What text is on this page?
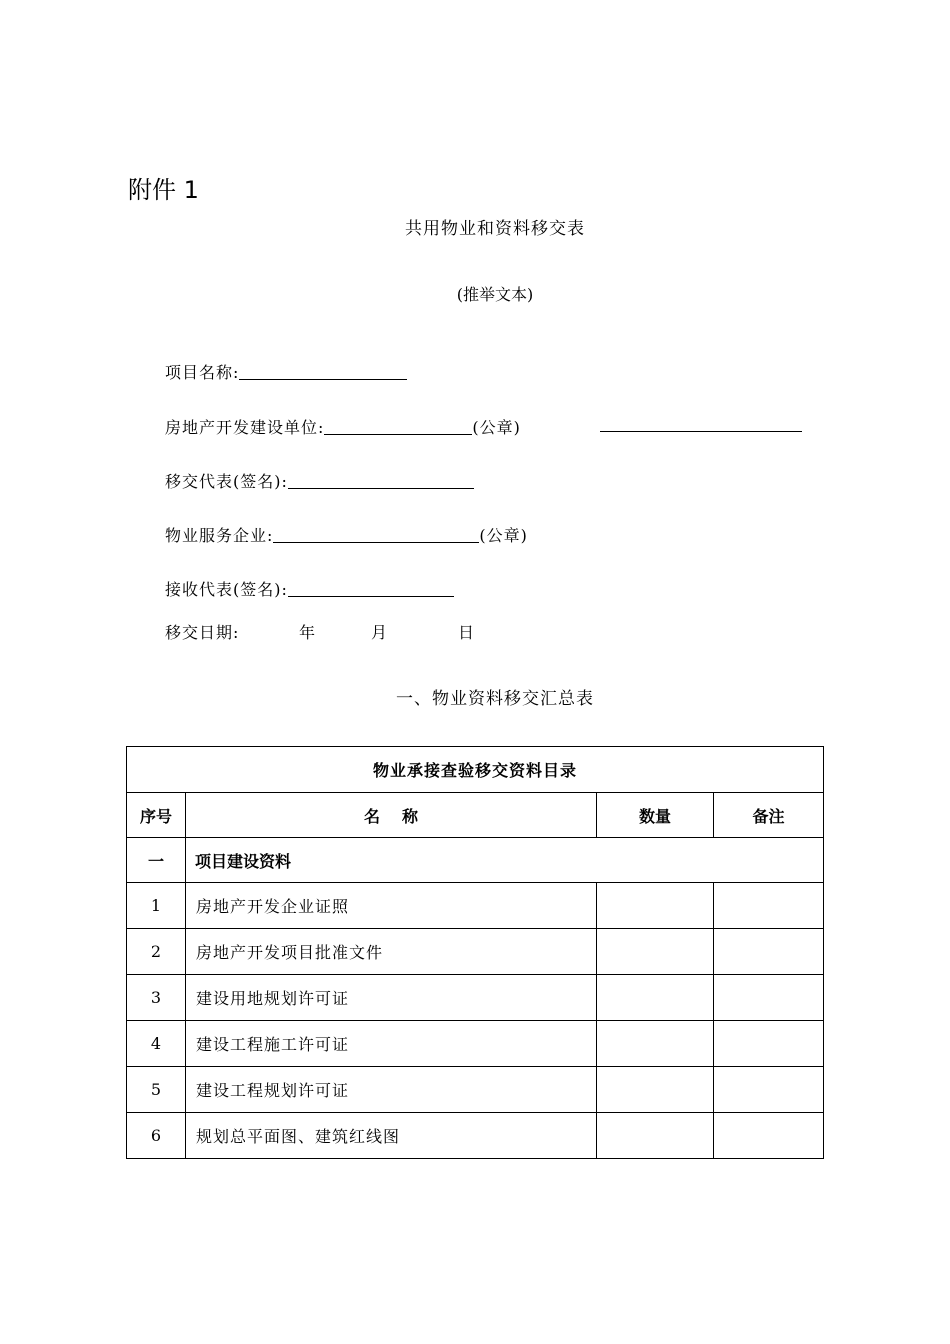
附件 1
共用物业和资料移交表
(推举文本)
项目名称:
房地产开发建设单位:	(公章)
移交代表(签名):
物业服务企业:	(公章)
接收代表(签名):
移交日期:	年	月	日
一、物业资料移交汇总表
物业承接查验移交资料目录			
序号	名 称	数量	备注
一	项目建设资料		
1	房地产开发企业证照		
2	房地产开发项目批准文件		
3	建设用地规划许可证		
4	建设工程施工许可证		
5	建设工程规划许可证		
6	规划总平面图、建筑红线图		
